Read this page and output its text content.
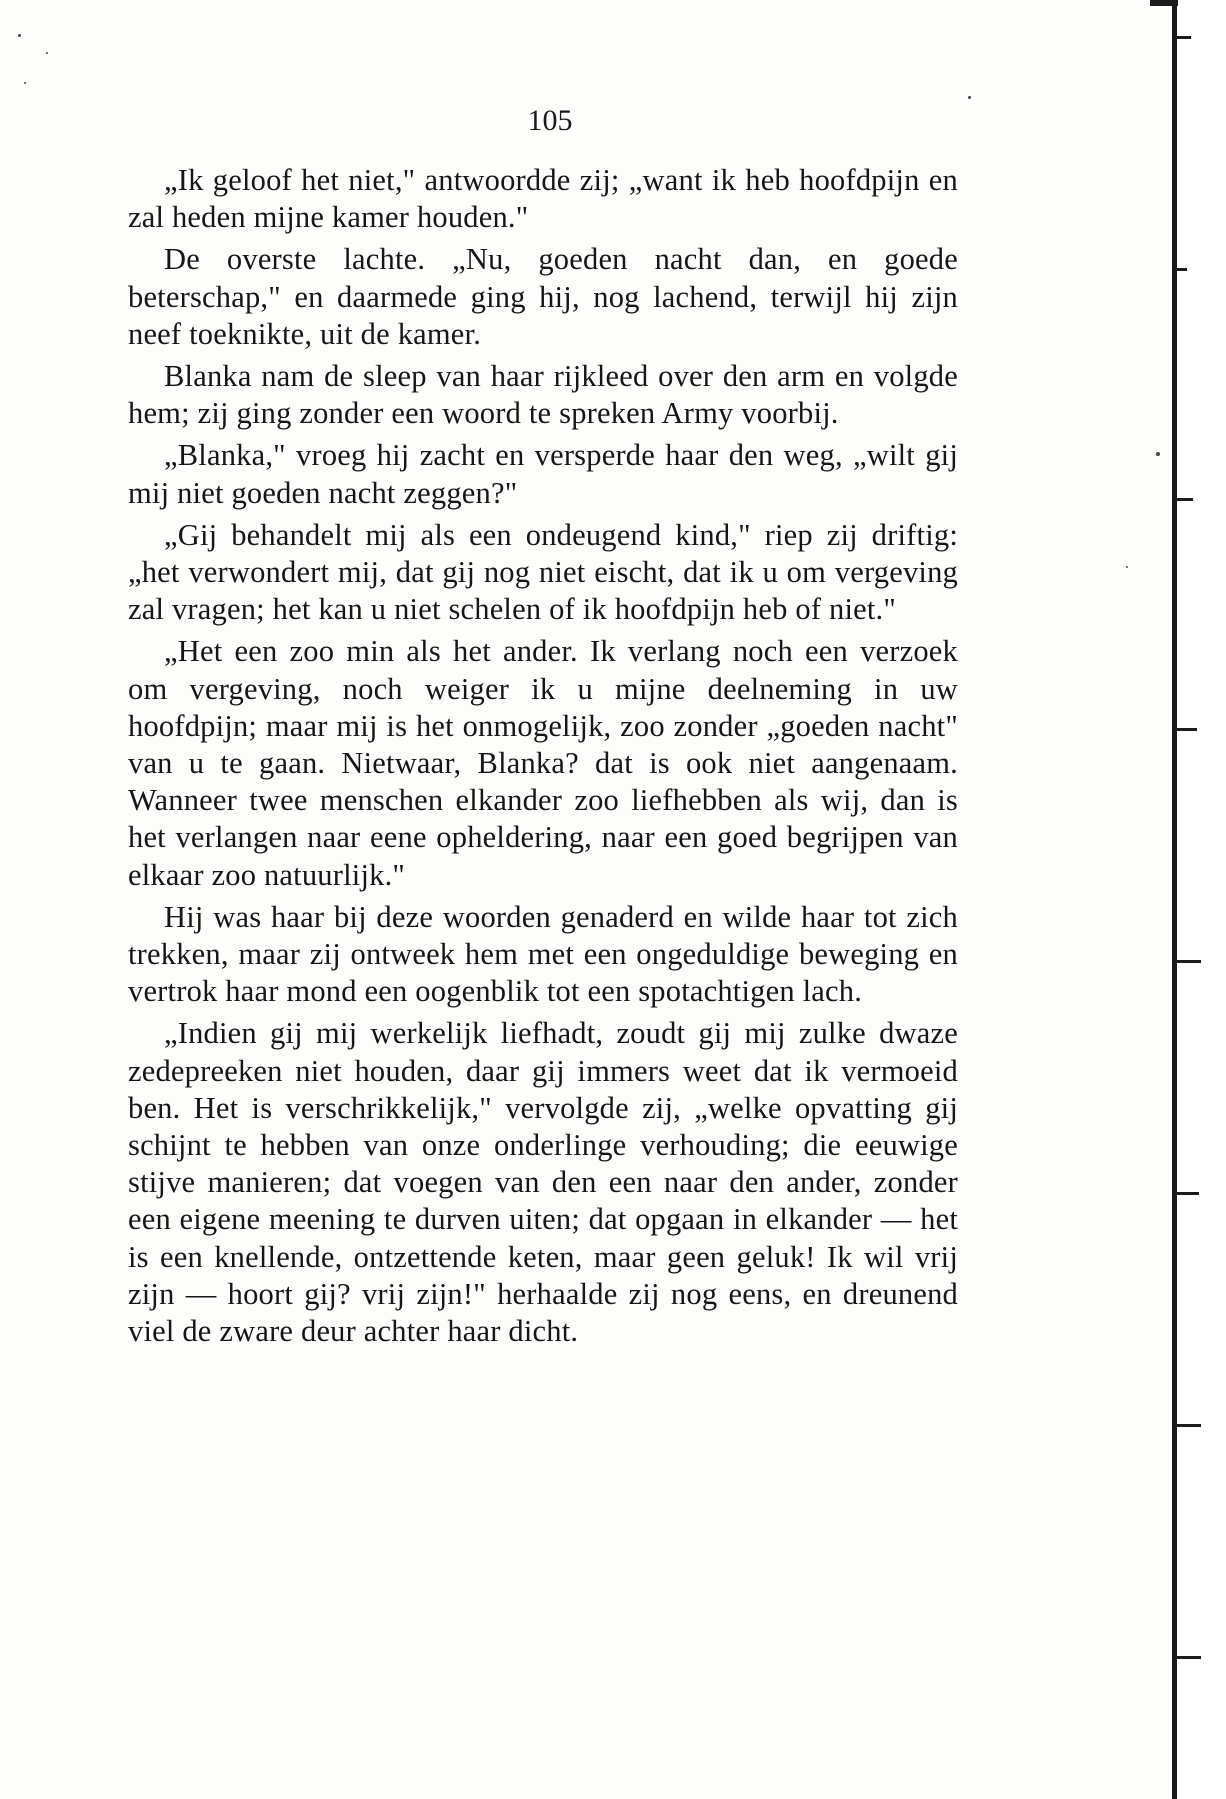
105

„Ik geloof het niet," antwoordde zij; „want ik heb hoofdpijn en zal heden mijne kamer houden."

De overste lachte. „Nu, goeden nacht dan, en goede beterschap," en daarmede ging hij, nog lachend, terwijl hij zijn neef toeknikte, uit de kamer.

Blanka nam de sleep van haar rijkleed over den arm en volgde hem; zij ging zonder een woord te spreken Army voorbij.

„Blanka," vroeg hij zacht en versperde haar den weg, „wilt gij mij niet goeden nacht zeggen?"

„Gij behandelt mij als een ondeugend kind," riep zij driftig: „het verwondert mij, dat gij nog niet eischt, dat ik u om vergeving zal vragen; het kan u niet schelen of ik hoofdpijn heb of niet."

„Het een zoo min als het ander. Ik verlang noch een verzoek om vergeving, noch weiger ik u mijne deelneming in uw hoofdpijn; maar mij is het onmogelijk, zoo zonder „goeden nacht" van u te gaan. Nietwaar, Blanka? dat is ook niet aangenaam. Wanneer twee menschen elkander zoo liefhebben als wij, dan is het verlangen naar eene opheldering, naar een goed begrijpen van elkaar zoo natuurlijk."

Hij was haar bij deze woorden genaderd en wilde haar tot zich trekken, maar zij ontweek hem met een ongeduldige beweging en vertrok haar mond een oogenblik tot een spotachtigen lach.

„Indien gij mij werkelijk liefhadt, zoudt gij mij zulke dwaze zedepreeken niet houden, daar gij immers weet dat ik vermoeid ben. Het is verschrikkelijk," vervolgde zij, „welke opvatting gij schijnt te hebben van onze onderlinge verhouding; die eeuwige stijve manieren; dat voegen van den een naar den ander, zonder een eigene meening te durven uiten; dat opgaan in elkander — het is een knellende, ontzettende keten, maar geen geluk! Ik wil vrij zijn — hoort gij? vrij zijn!" herhaalde zij nog eens, en dreunend viel de zware deur achter haar dicht.
